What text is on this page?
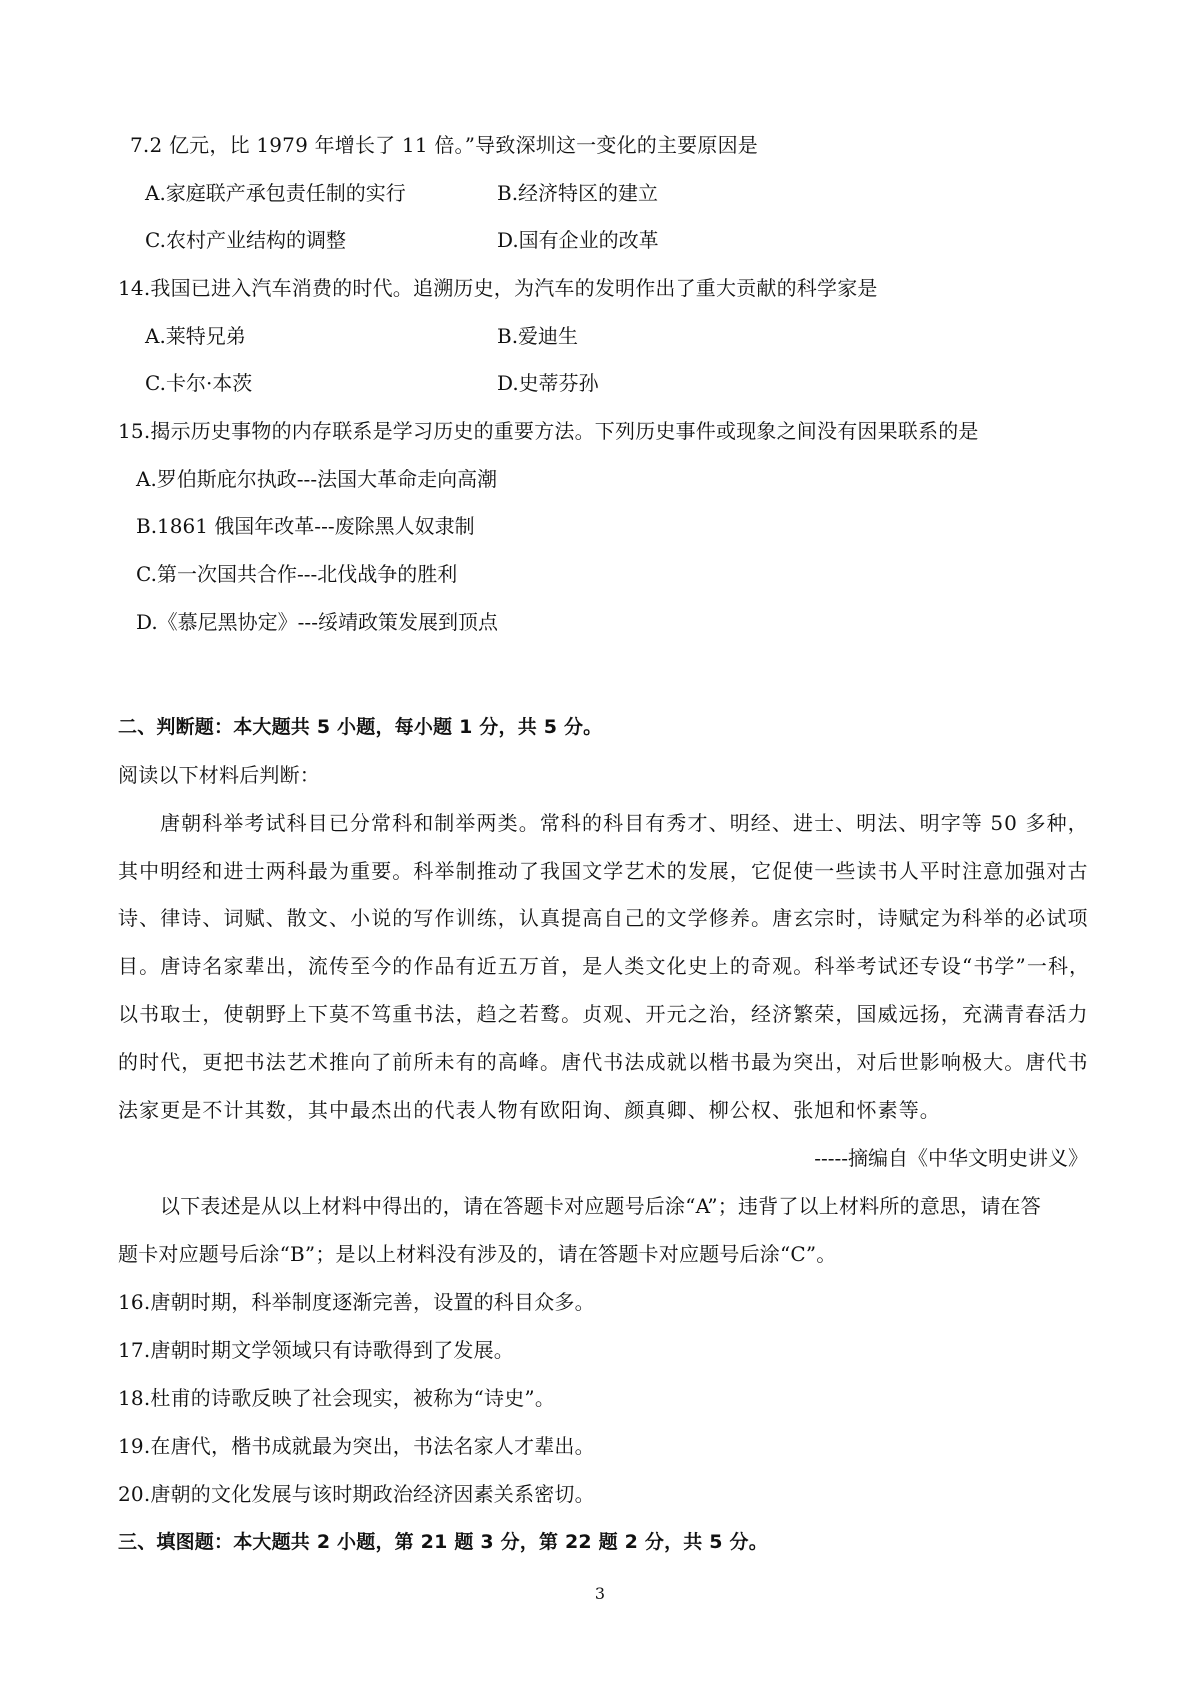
7.2 亿元，比 1979 年增长了 11 倍。”导致深圳这一变化的主要原因是
A.家庭联产承包责任制的实行	B.经济特区的建立
C.农村产业结构的调整	D.国有企业的改革
14.我国已进入汽车消费的时代。追溯历史，为汽车的发明作出了重大贡献的科学家是
A.莱特兄弟	B.爱迪生
C.卡尔·本茨	D.史蒂芬孙
15.揭示历史事物的内存联系是学习历史的重要方法。下列历史事件或现象之间没有因果联系的是
A.罗伯斯庇尔执政---法国大革命走向高潮
B.1861 俄国年改革---废除黑人奴隶制
C.第一次国共合作---北伐战争的胜利
D.《慕尼黑协定》---绥靖政策发展到顶点
二、判断题：本大题共 5 小题，每小题 1 分，共 5 分。
阅读以下材料后判断：
唐朝科举考试科目已分常科和制举两类。常科的科目有秀才、明经、进士、明法、明字等 50 多种，
其中明经和进士两科最为重要。科举制推动了我国文学艺术的发展，它促使一些读书人平时注意加强对古
诗、律诗、词赋、散文、小说的写作训练，认真提高自己的文学修养。唐玄宗时，诗赋定为科举的必试项
目。唐诗名家辈出，流传至今的作品有近五万首，是人类文化史上的奇观。科举考试还专设“书学”一科，
以书取士，使朝野上下莫不笃重书法，趋之若鹜。贞观、开元之治，经济繁荣，国威远扬，充满青春活力
的时代，更把书法艺术推向了前所未有的高峰。唐代书法成就以楷书最为突出，对后世影响极大。唐代书
法家更是不计其数，其中最杰出的代表人物有欧阳询、颜真卿、柳公权、张旭和怀素等。
-----摘编自《中华文明史讲义》
以下表述是从以上材料中得出的，请在答题卡对应题号后涂“A”；违背了以上材料所的意思，请在答
题卡对应题号后涂“B”；是以上材料没有涉及的，请在答题卡对应题号后涂“C”。
16.唐朝时期，科举制度逐渐完善，设置的科目众多。
17.唐朝时期文学领域只有诗歌得到了发展。
18.杜甫的诗歌反映了社会现实，被称为“诗史”。
19.在唐代，楷书成就最为突出，书法名家人才辈出。
20.唐朝的文化发展与该时期政治经济因素关系密切。
三、填图题：本大题共 2 小题，第 21 题 3 分，第 22 题 2 分，共 5 分。
3
